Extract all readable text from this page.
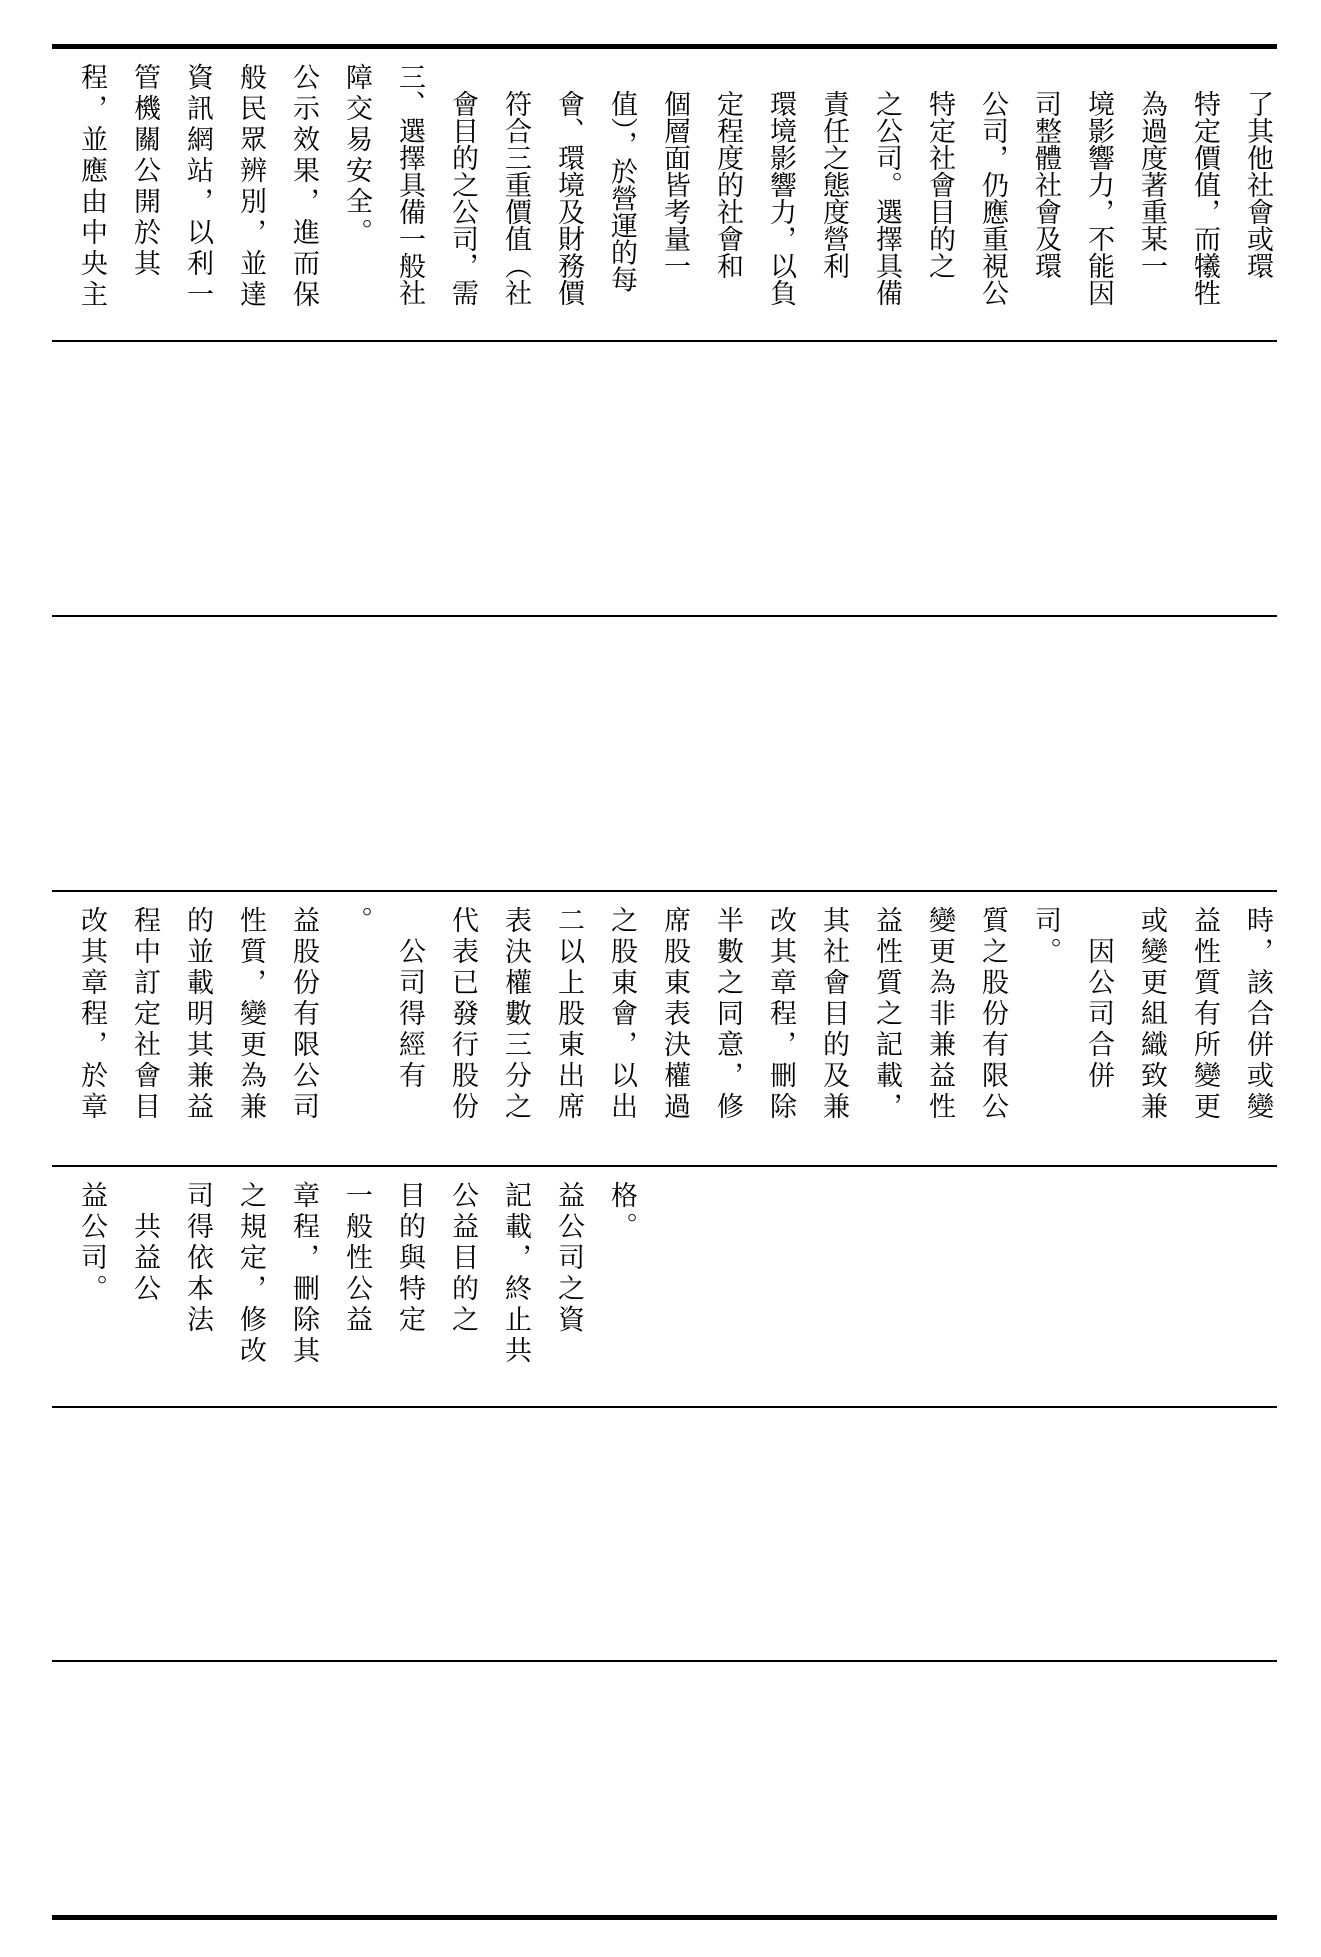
程，並應由中央主 管機關公開於其 資訊網站，以利一 般民眾辨別，並達 公示效果，進而保 障交易安全。 三、選擇具備一般社 　會目的之公司，需 　符合三重價值（社 　會、環境及財務價 　值），於營運的每 　個層面皆考量一 　定程度的社會和 　環境影響力，以負 　責任之態度營利 　之公司。選擇具備 　特定社會目的之 　公司，仍應重視公 　司整體社會及環 　境影響力，不能因 　為過度著重某一 　特定價值，而犧牲 　了其他社會或環
改其章程，於章 程中訂定社會目 的並載明其兼益 性質，變更為兼 益股份有限公司 。 　公司得經有 代表已發行股份 表決權數三分之 二以上股東出席 之股東會，以出 席股東表決權過 半數之同意，修 改其章程，刪除 其社會目的及兼 益性質之記載， 變更為非兼益性 質之股份有限公 司。 　因公司合併 或變更組織致兼 益性質有所變更 時，該合併或變
益公司。 　共益公 司得依本法 之規定，修改 章程，刪除其 一般性公益 目的與特定 公益目的之 記載，終止共 益公司之資 格。
